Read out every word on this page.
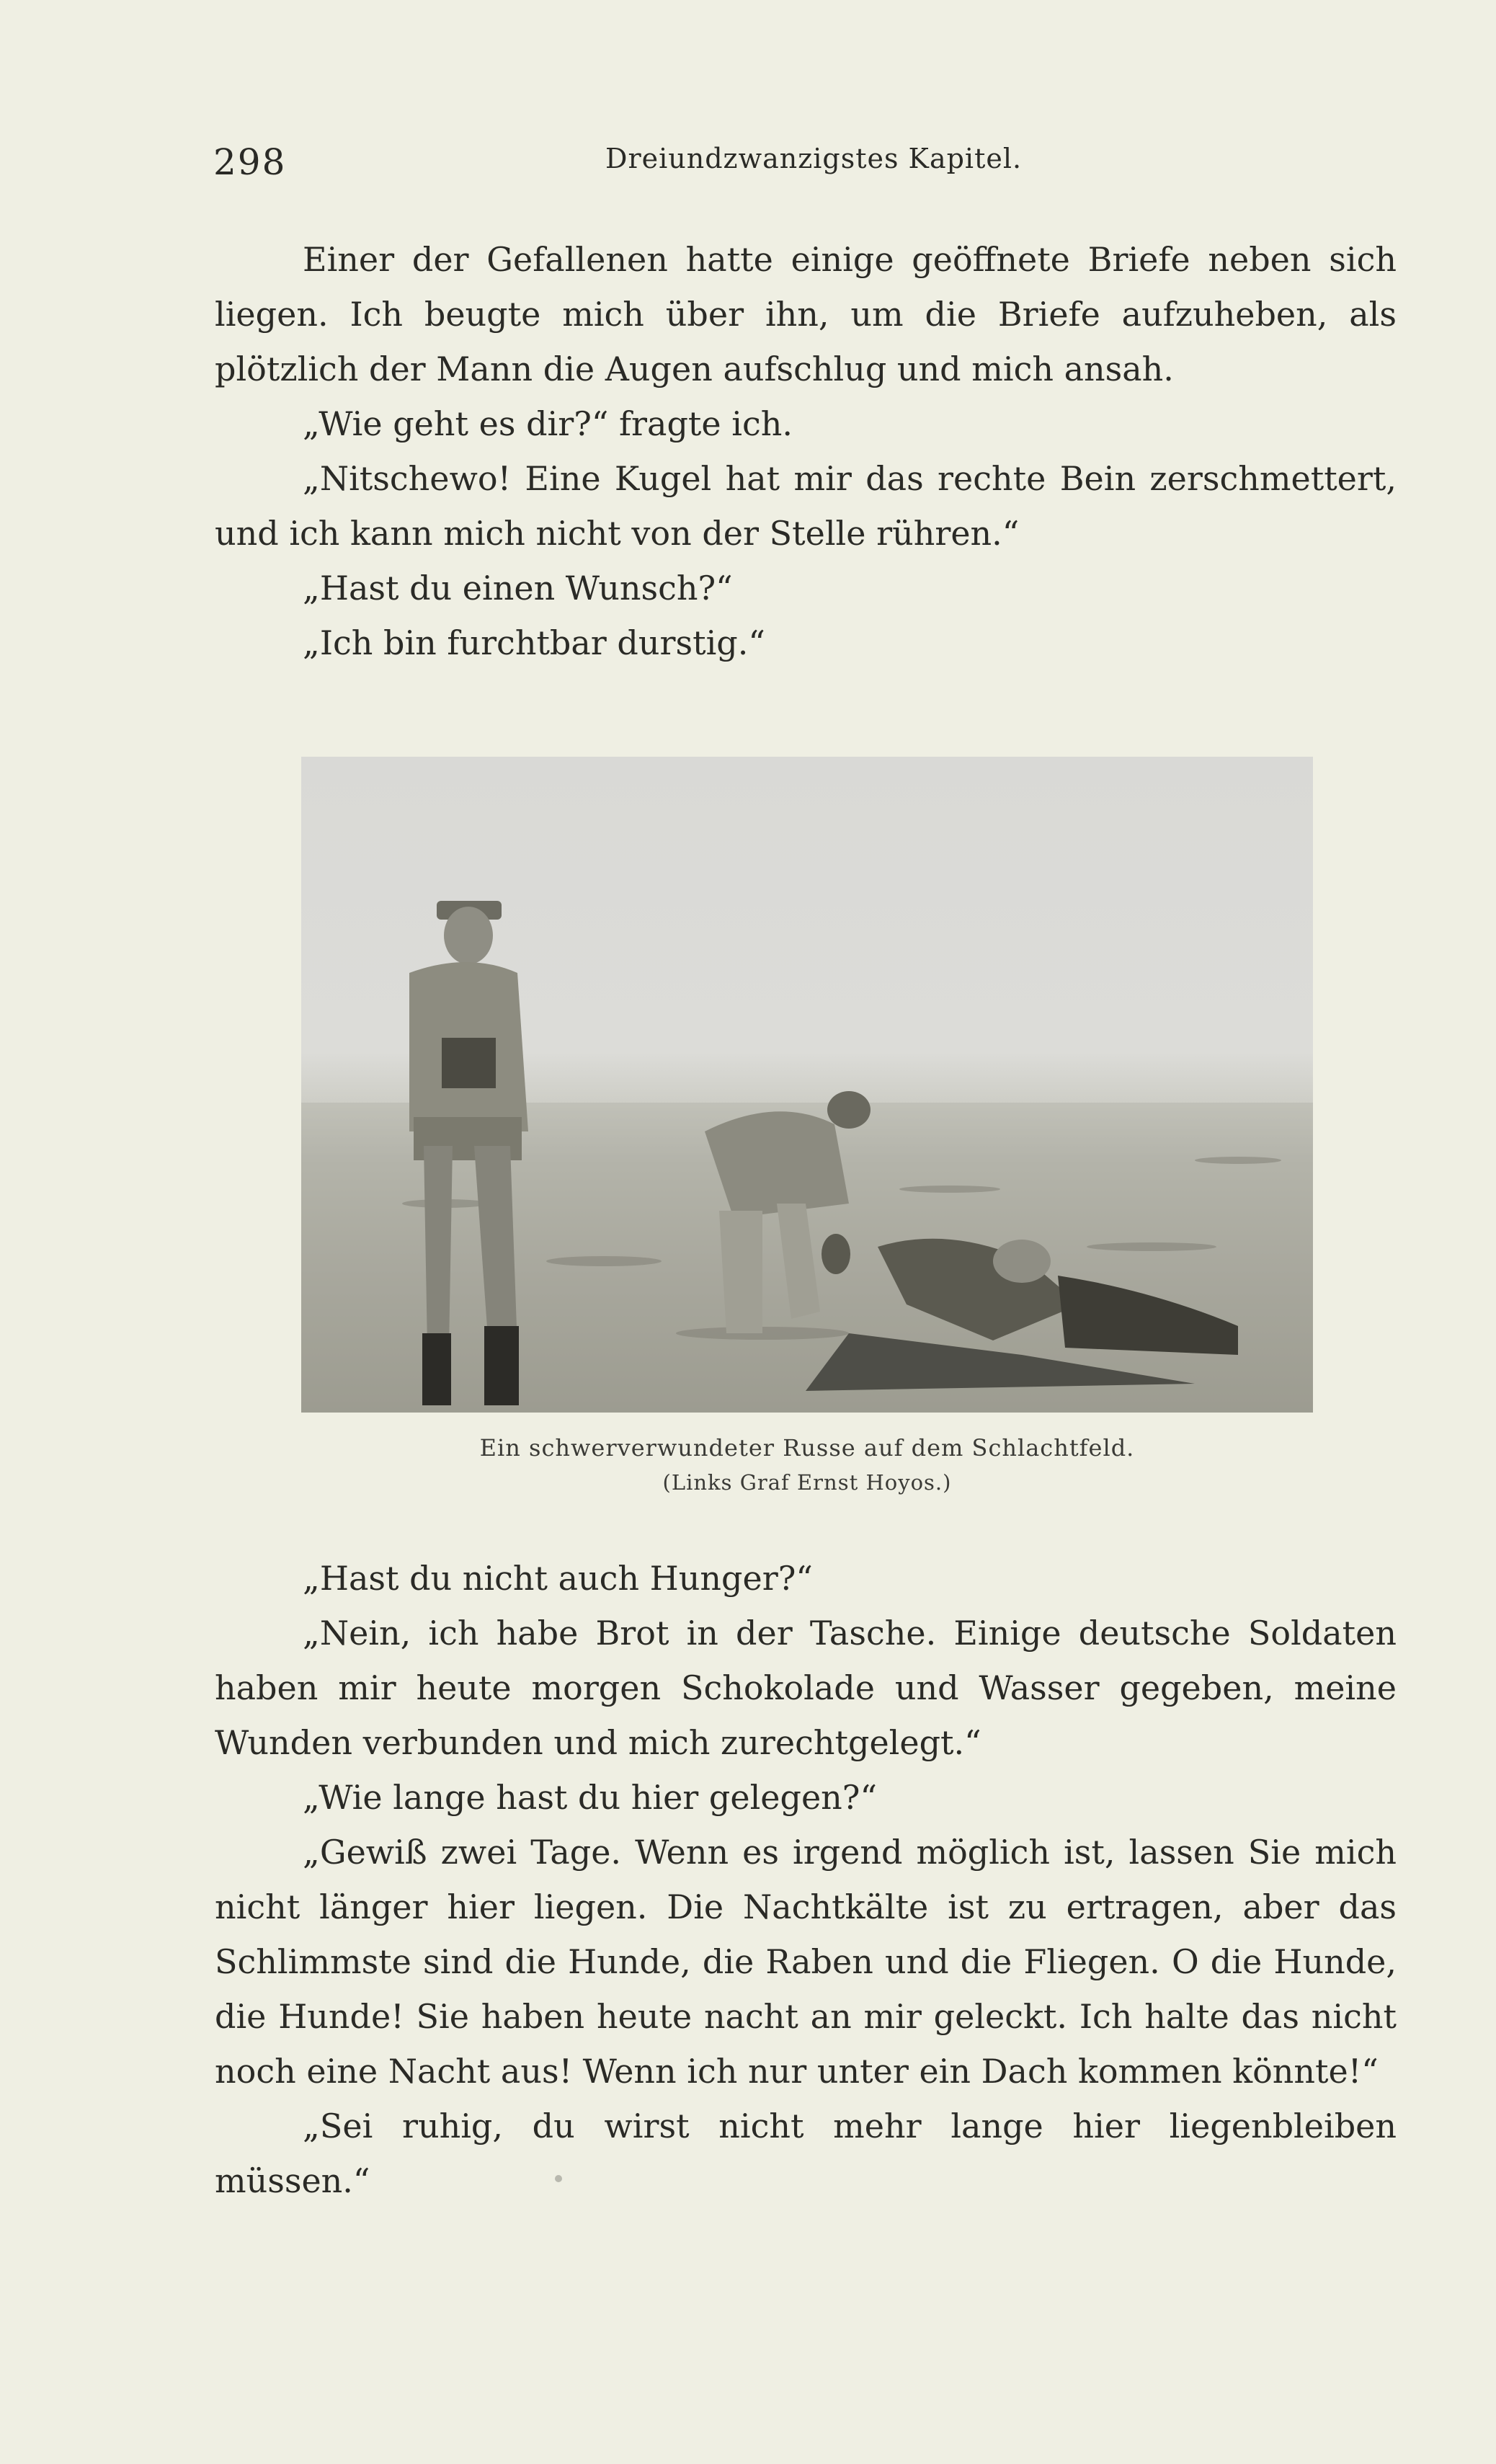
298	Dreiundzwanzigstes Kapitel.

Einer der Gefallenen hatte einige geöffnete Briefe neben sich liegen. Ich beugte mich über ihn, um die Briefe aufzuheben, als plötzlich der Mann die Augen aufschlug und mich ansah.

„Wie geht es dir?“ fragte ich.

„Nitschewo! Eine Kugel hat mir das rechte Bein zerschmettert, und ich kann mich nicht von der Stelle rühren.“

„Hast du einen Wunsch?“

„Ich bin furchtbar durstig.“

Ein schwerverwundeter Russe auf dem Schlachtfeld.
(Links Graf Ernst Hoyos.)

„Hast du nicht auch Hunger?“

„Nein, ich habe Brot in der Tasche. Einige deutsche Soldaten haben mir heute morgen Schokolade und Wasser gegeben, meine Wunden verbunden und mich zurechtgelegt.“

„Wie lange hast du hier gelegen?“

„Gewiß zwei Tage. Wenn es irgend möglich ist, lassen Sie mich nicht länger hier liegen. Die Nachtkälte ist zu ertragen, aber das Schlimmste sind die Hunde, die Raben und die Fliegen. O die Hunde, die Hunde! Sie haben heute nacht an mir geleckt. Ich halte das nicht noch eine Nacht aus! Wenn ich nur unter ein Dach kommen könnte!“

„Sei ruhig, du wirst nicht mehr lange hier liegenbleiben müssen.“
